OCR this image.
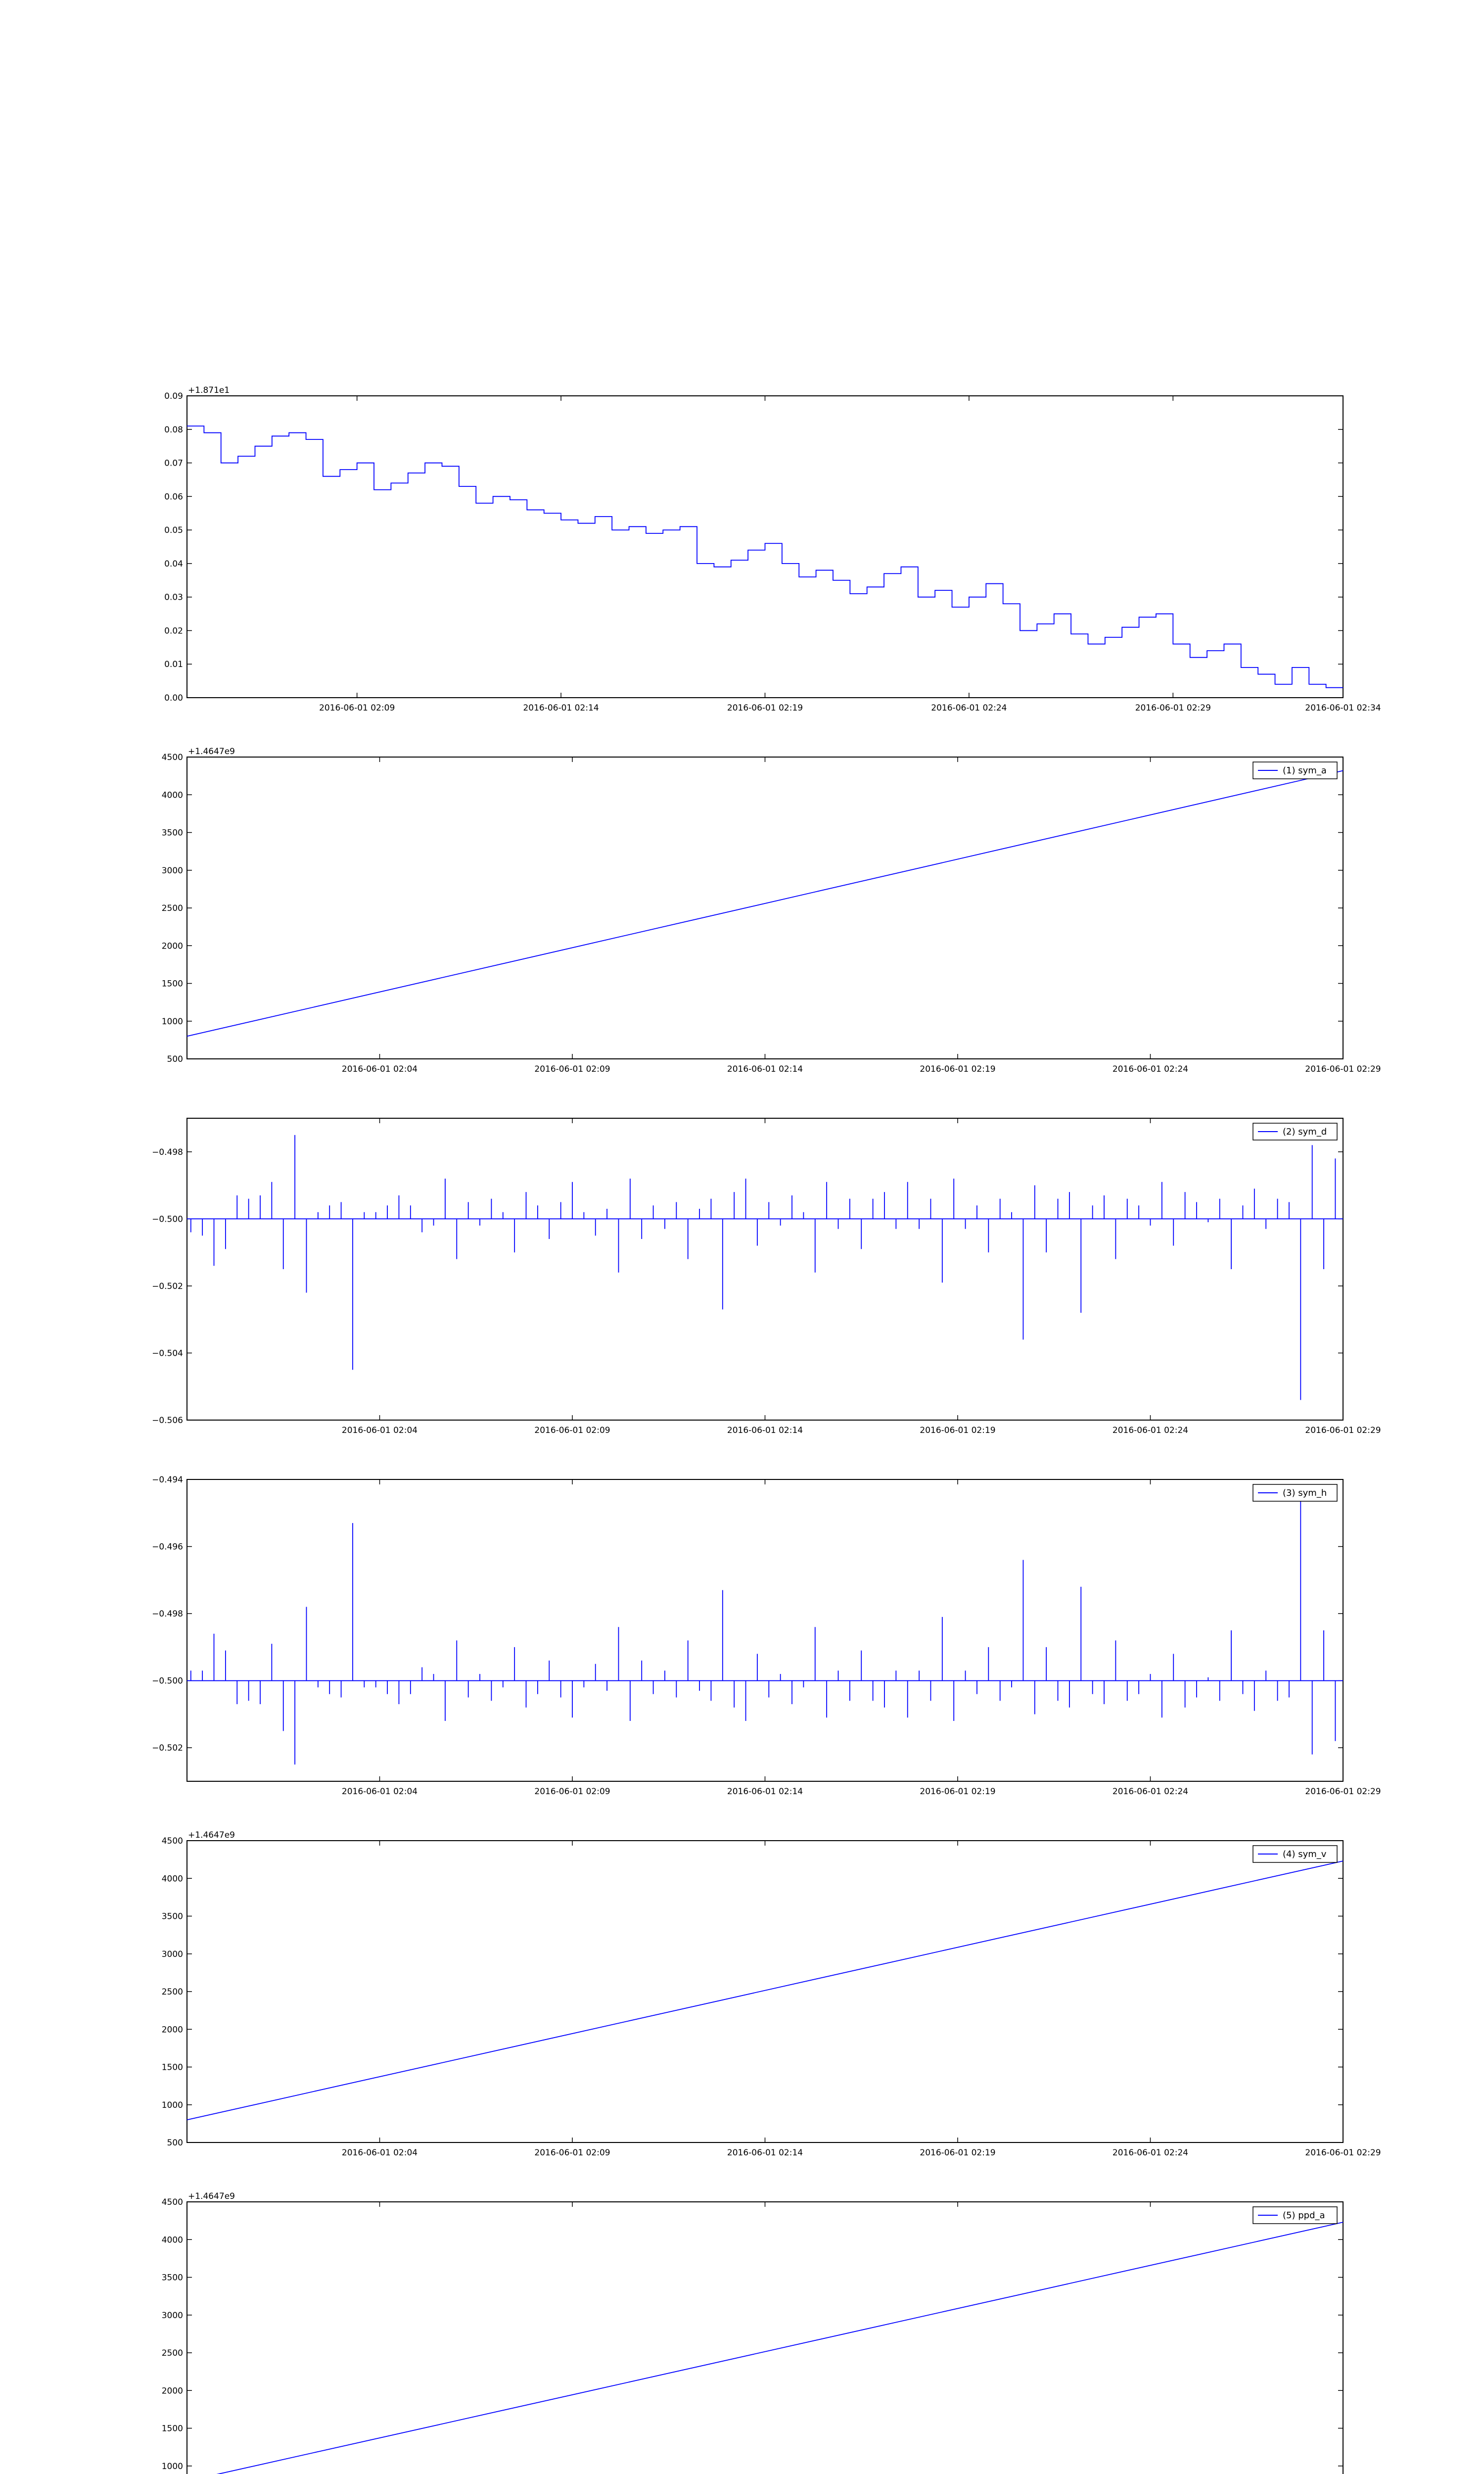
0.00
0.01
0.02
0.03
0.04
0.05
0.06
0.07
0.08
0.09
2016-06-01 02:09	2016-06-01 02:14	2016-06-01 02:19	2016-06-01 02:24	2016-06-01 02:29	2016-06-01 02:34
+1.871e1
500
1000
1500
2000
2500
3000
3500
4000
4500
2016-06-01 02:04	2016-06-01 02:09	2016-06-01 02:14	2016-06-01 02:19	2016-06-01 02:24	2016-06-01 02:29
+1.4647e9
(1) sym_a
−0.506
−0.504
−0.502
−0.500
−0.498
2016-06-01 02:04	2016-06-01 02:09	2016-06-01 02:14	2016-06-01 02:19	2016-06-01 02:24	2016-06-01 02:29
(2) sym_d
−0.502
−0.500
−0.498
−0.496
−0.494
2016-06-01 02:04	2016-06-01 02:09	2016-06-01 02:14	2016-06-01 02:19	2016-06-01 02:24	2016-06-01 02:29
(3) sym_h
500
1000
1500
2000
2500
3000
3500
4000
4500
2016-06-01 02:04	2016-06-01 02:09	2016-06-01 02:14	2016-06-01 02:19	2016-06-01 02:24	2016-06-01 02:29
+1.4647e9
(4) sym_v
1000
1500
2000
2500
3000
3500
4000
4500
+1.4647e9
(5) ppd_a
